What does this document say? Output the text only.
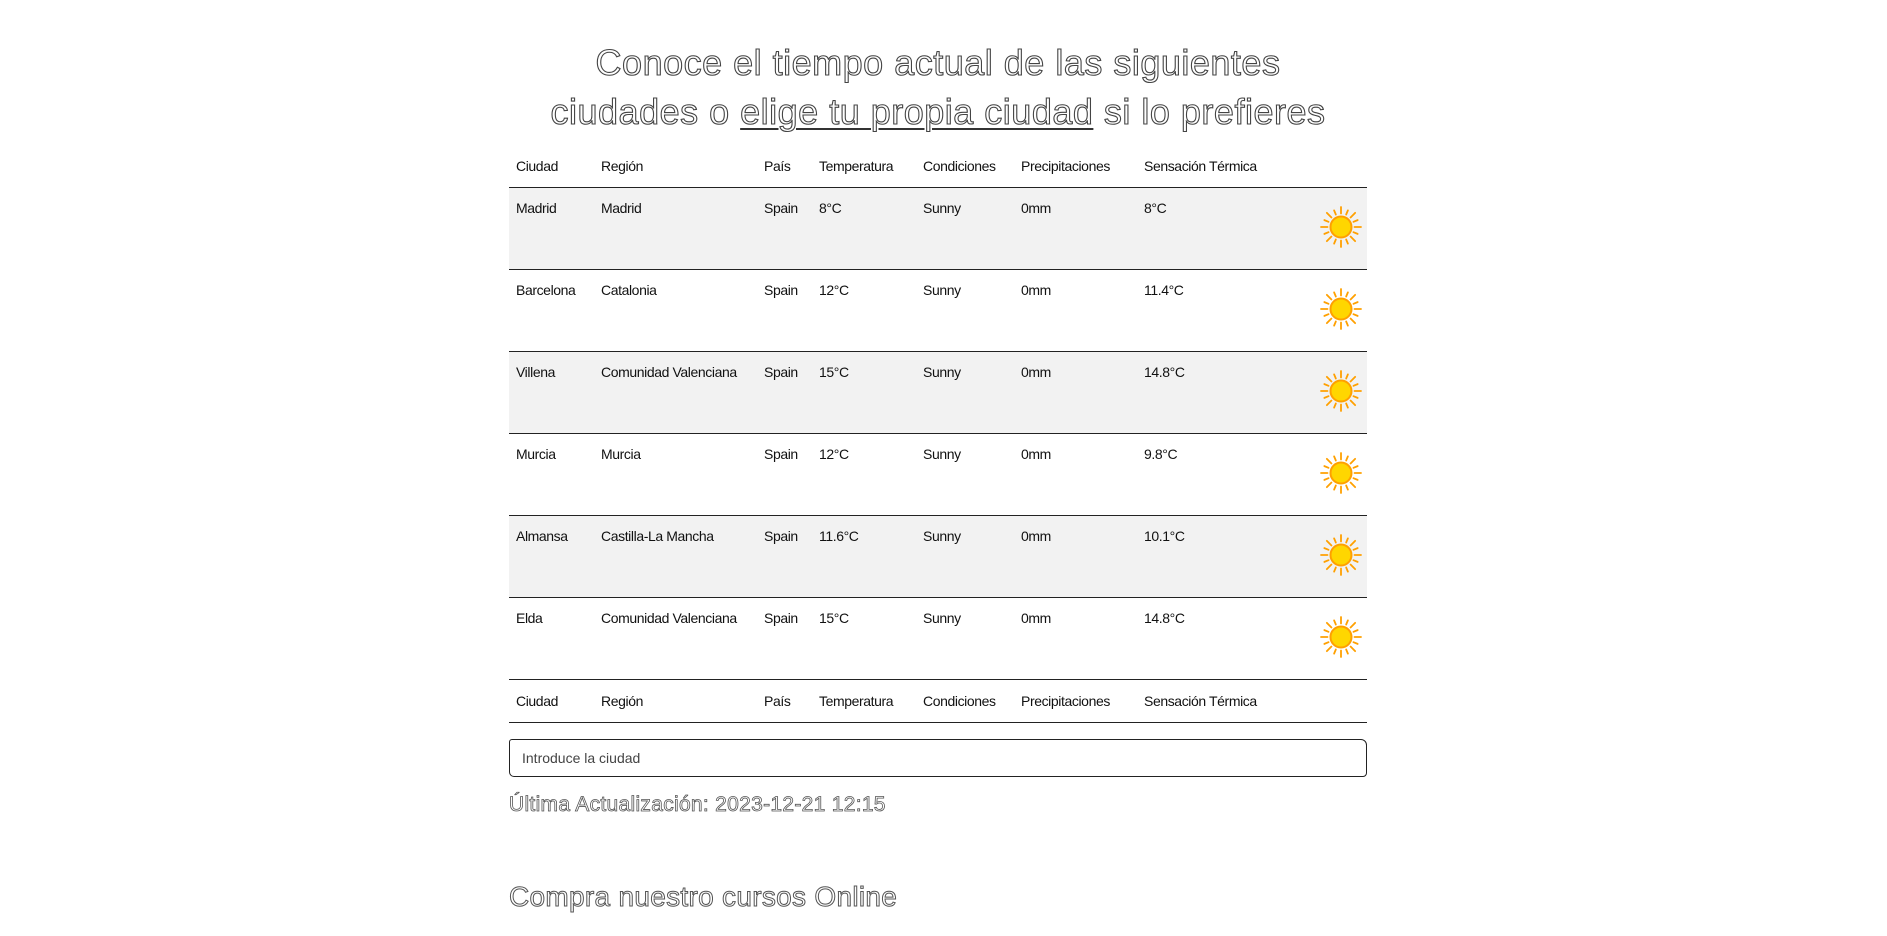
Conoce el tiempo actual de las siguientes
ciudades o elige tu propia ciudad si lo prefieres
Ciudad	Región	País	Temperatura	Condiciones	Precipitaciones	Sensación Térmica	
Madrid	Madrid	Spain	8°C	Sunny	0mm	8°C	
Barcelona	Catalonia	Spain	12°C	Sunny	0mm	11.4°C	
Villena	Comunidad Valenciana	Spain	15°C	Sunny	0mm	14.8°C	
Murcia	Murcia	Spain	12°C	Sunny	0mm	9.8°C	
Almansa	Castilla-La Mancha	Spain	11.6°C	Sunny	0mm	10.1°C	
Elda	Comunidad Valenciana	Spain	15°C	Sunny	0mm	14.8°C	
Ciudad	Región	País	Temperatura	Condiciones	Precipitaciones	Sensación Térmica	
Introduce la ciudad
Última Actualización: 2023-12-21 12:15
Compra nuestro cursos Online
